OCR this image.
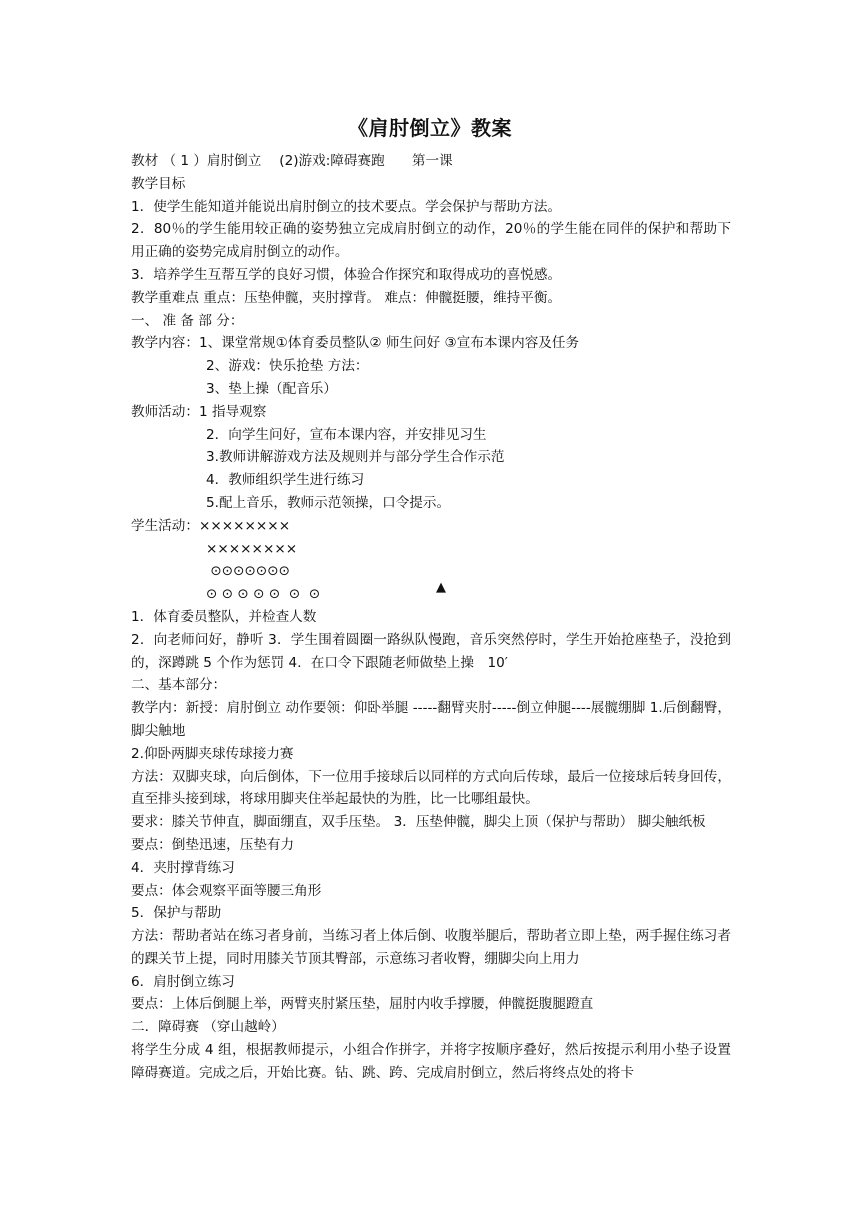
《肩肘倒立》教案
教材 （ 1 ）肩肘倒立　 (2)游戏:障碍赛跑　　第一课
教学目标
1．使学生能知道并能说出肩肘倒立的技术要点。学会保护与帮助方法。
2．80％的学生能用较正确的姿势独立完成肩肘倒立的动作，20％的学生能在同伴的保护和帮助下用正确的姿势完成肩肘倒立的动作。
3．培养学生互帮互学的良好习惯，体验合作探究和取得成功的喜悦感。
教学重难点 重点：压垫伸髋，夹肘撑背。 难点：伸髋挺腰，维持平衡。
一、 准 备 部 分：
教学内容：1、课堂常规①体育委员整队② 师生问好 ③宣布本课内容及任务
2、游戏：快乐抢垫 方法：
3、垫上操（配音乐）
教师活动：1 指导观察
2．向学生问好，宣布本课内容，并安排见习生
3.教师讲解游戏方法及规则并与部分学生合作示范
4．教师组织学生进行练习
5.配上音乐，教师示范领操，口令提示。
学生活动：××××××××
××××××××
⊙⊙⊙⊙⊙⊙⊙
⊙ ⊙ ⊙ ⊙ ⊙  ⊙  ⊙
1．体育委员整队，并检查人数
2．向老师问好，静听 3．学生围着圆圈一路纵队慢跑，音乐突然停时，学生开始抢座垫子，没抢到的，深蹲跳 5 个作为惩罚 4．在口令下跟随老师做垫上操　10′
二、基本部分：
教学内：新授：肩肘倒立 动作要领：仰卧举腿 -----翻臂夹肘-----倒立伸腿----展髋绷脚 1.后倒翻臀，脚尖触地
2.仰卧两脚夹球传球接力赛
方法：双脚夹球，向后倒体，下一位用手接球后以同样的方式向后传球，最后一位接球后转身回传，直至排头接到球，将球用脚夹住举起最快的为胜，比一比哪组最快。
要求：膝关节伸直，脚面绷直，双手压垫。 3．压垫伸髋，脚尖上顶（保护与帮助） 脚尖触纸板
要点：倒垫迅速，压垫有力
4．夹肘撑背练习
要点：体会观察平面等腰三角形
5．保护与帮助
方法：帮助者站在练习者身前，当练习者上体后倒、收腹举腿后，帮助者立即上垫，两手握住练习者的踝关节上提，同时用膝关节顶其臀部，示意练习者收臀，绷脚尖向上用力
6．肩肘倒立练习
要点：上体后倒腿上举，两臂夹肘紧压垫，屈肘内收手撑腰，伸髋挺腹腿蹬直
二．障碍赛 （穿山越岭）
将学生分成 4 组，根据教师提示，小组合作拼字，并将字按顺序叠好，然后按提示利用小垫子设置障碍赛道。完成之后，开始比赛。钻、跳、跨、完成肩肘倒立，然后将终点处的将卡
▲
